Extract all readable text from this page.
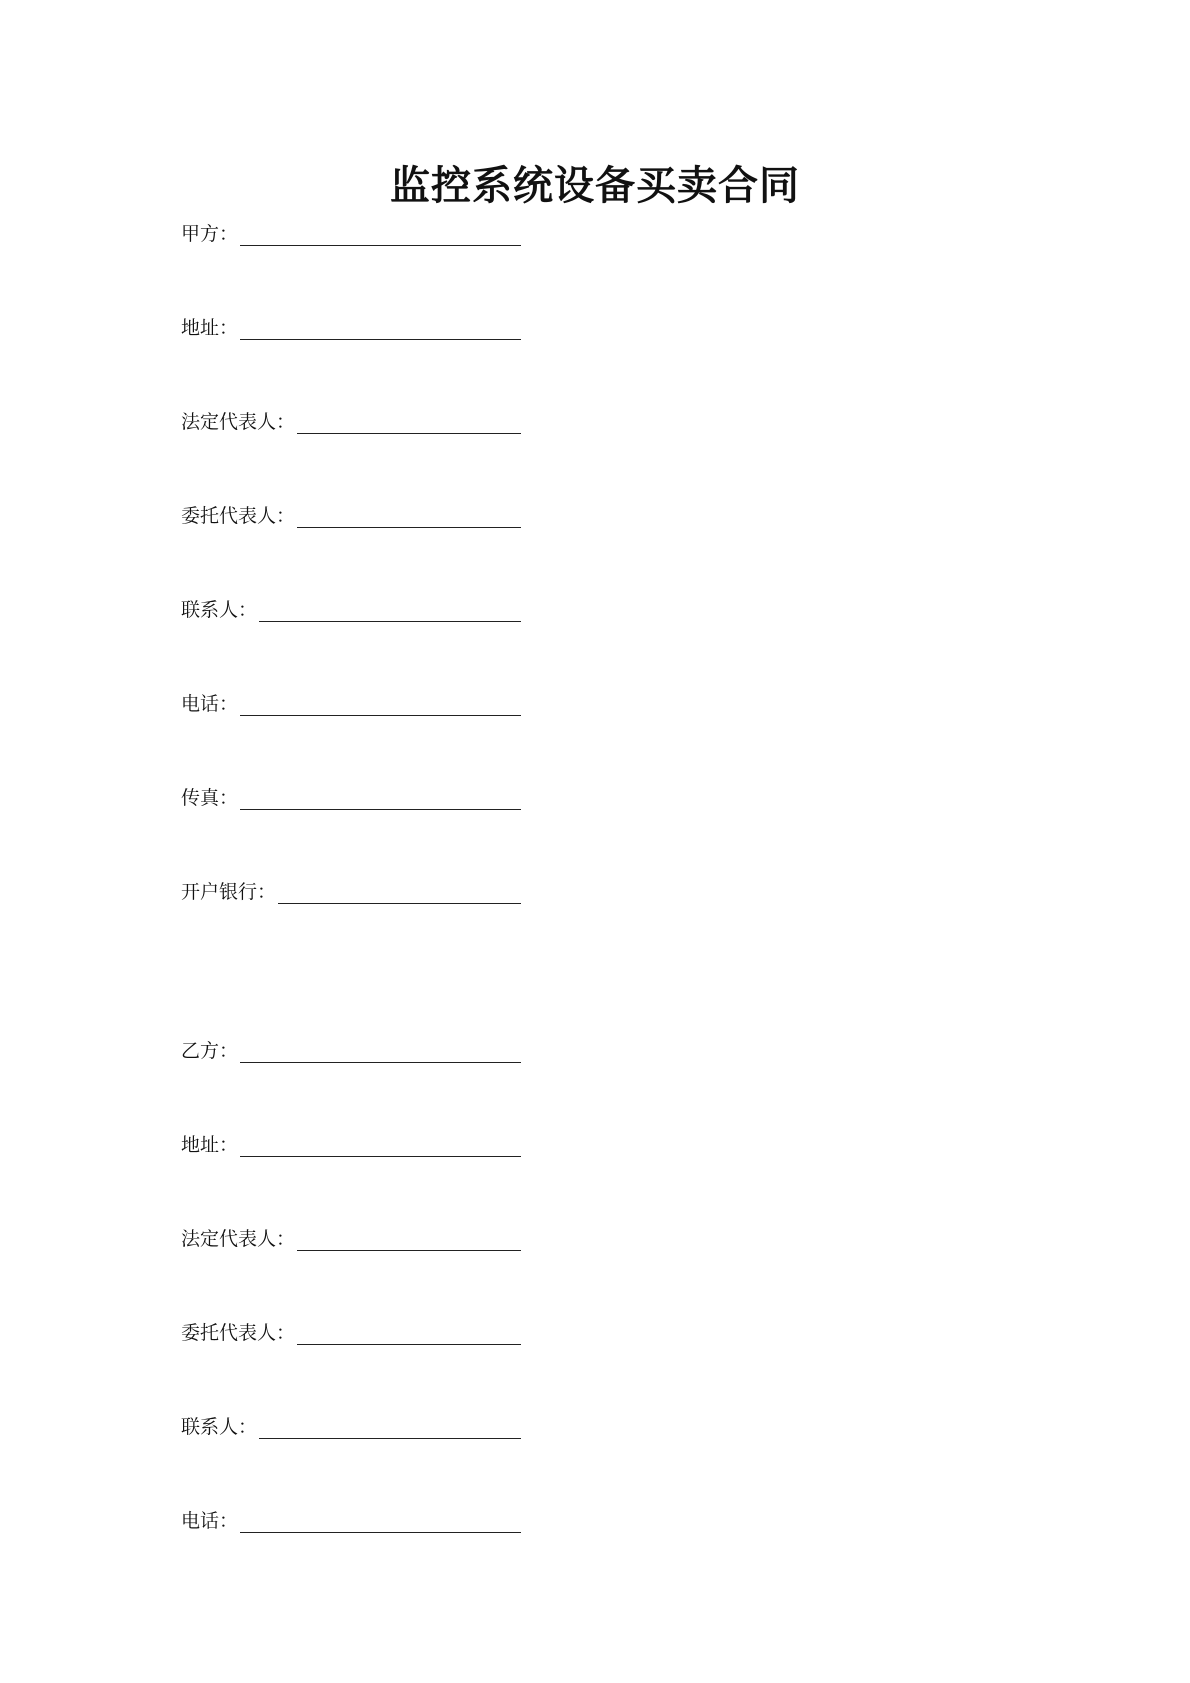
监控系统设备买卖合同
甲方：
地址：
法定代表人：
委托代表人：
联系人：
电话：
传真：
开户银行：
乙方：
地址：
法定代表人：
委托代表人：
联系人：
电话：
